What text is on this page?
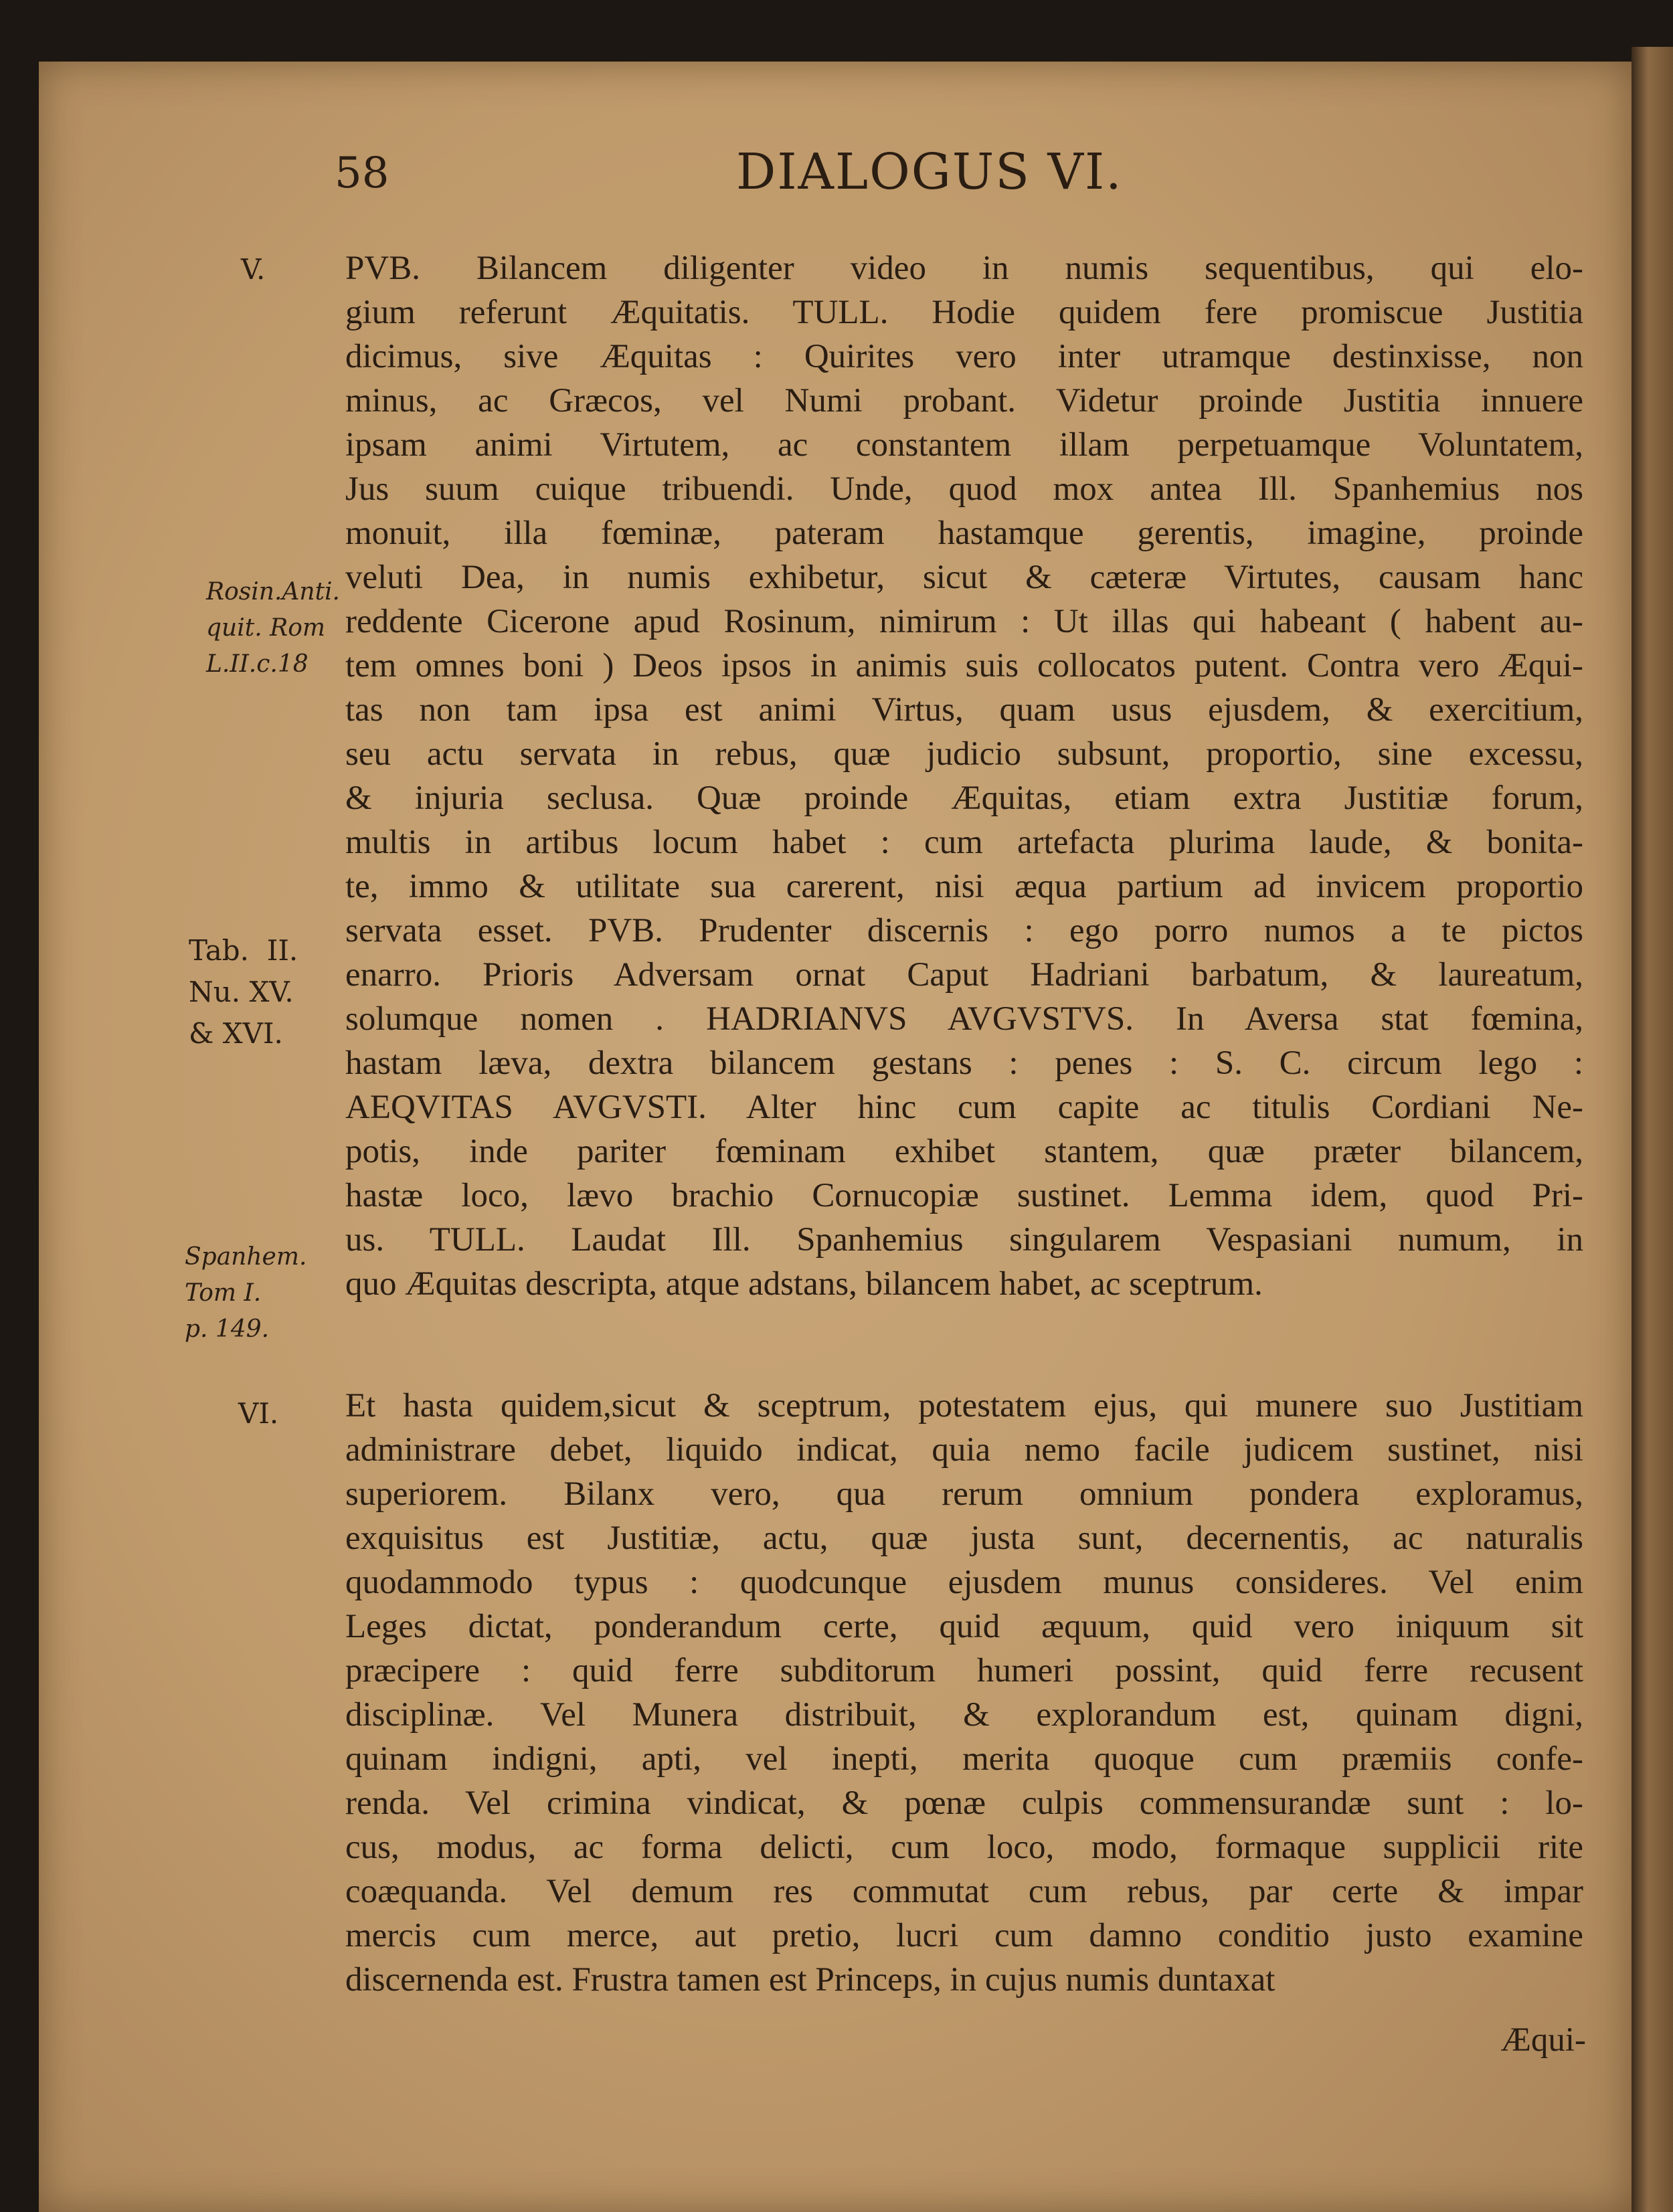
58	DIALOGUS VI.
V.
Rosin.Anti.
quit. Rom
L.II.c.18
Tab.  II.
Nu. XV.
& XVI.
Spanhem.
Tom I.
p. 149.
VI.
PVB. Bilancem diligenter video in numis sequentibus, qui elo-
gium referunt Æquitatis. TULL. Hodie quidem fere promiscue Justitia
dicimus, sive Æquitas : Quirites vero inter utramque destinxisse, non
minus, ac Græcos, vel Numi probant. Videtur proinde Justitia innuere
ipsam animi Virtutem, ac constantem illam perpetuamque Voluntatem,
Jus suum cuique tribuendi. Unde, quod mox antea Ill. Spanhemius nos
monuit, illa fœminæ, pateram hastamque gerentis, imagine, proinde
veluti Dea, in numis exhibetur, sicut & cæteræ Virtutes, causam hanc
reddente Cicerone apud Rosinum, nimirum : Ut illas qui habeant ( habent au-
tem omnes boni ) Deos ipsos in animis suis collocatos putent. Contra vero Æqui-
tas non tam ipsa est animi Virtus, quam usus ejusdem, & exercitium,
seu actu servata in rebus, quæ judicio subsunt, proportio, sine excessu,
& injuria seclusa. Quæ proinde Æquitas, etiam extra Justitiæ forum,
multis in artibus locum habet : cum artefacta plurima laude, & bonita-
te, immo & utilitate sua carerent, nisi æqua partium ad invicem proportio
servata esset. PVB. Prudenter discernis : ego porro numos a te pictos
enarro. Prioris Adversam ornat Caput Hadriani barbatum, & laureatum,
solumque nomen . HADRIANVS AVGVSTVS. In Aversa stat fœmina,
hastam læva, dextra bilancem gestans : penes : S. C. circum lego :
AEQVITAS AVGVSTI. Alter hinc cum capite ac titulis Cordiani Ne-
potis, inde pariter fœminam exhibet stantem, quæ præter bilancem,
hastæ loco, lævo brachio Cornucopiæ sustinet. Lemma idem, quod Pri-
us. TULL. Laudat Ill. Spanhemius singularem Vespasiani numum, in
quo Æquitas descripta, atque adstans, bilancem habet, ac sceptrum.
Et hasta quidem,sicut & sceptrum, potestatem ejus, qui munere suo Justitiam
administrare debet, liquido indicat, quia nemo facile judicem sustinet, nisi
superiorem. Bilanx vero, qua rerum omnium pondera exploramus,
exquisitus est Justitiæ, actu, quæ justa sunt, decernentis, ac naturalis
quodammodo typus : quodcunque ejusdem munus consideres. Vel enim
Leges dictat, ponderandum certe, quid æquum, quid vero iniquum sit
præcipere : quid ferre subditorum humeri possint, quid ferre recusent
disciplinæ. Vel Munera distribuit, & explorandum est, quinam digni,
quinam indigni, apti, vel inepti, merita quoque cum præmiis confe-
renda. Vel crimina vindicat, & pœnæ culpis commensurandæ sunt : lo-
cus, modus, ac forma delicti, cum loco, modo, formaque supplicii rite
coæquanda. Vel demum res commutat cum rebus, par certe & impar
mercis cum merce, aut pretio, lucri cum damno conditio justo examine
discernenda est. Frustra tamen est Princeps, in cujus numis duntaxat
Æqui-
